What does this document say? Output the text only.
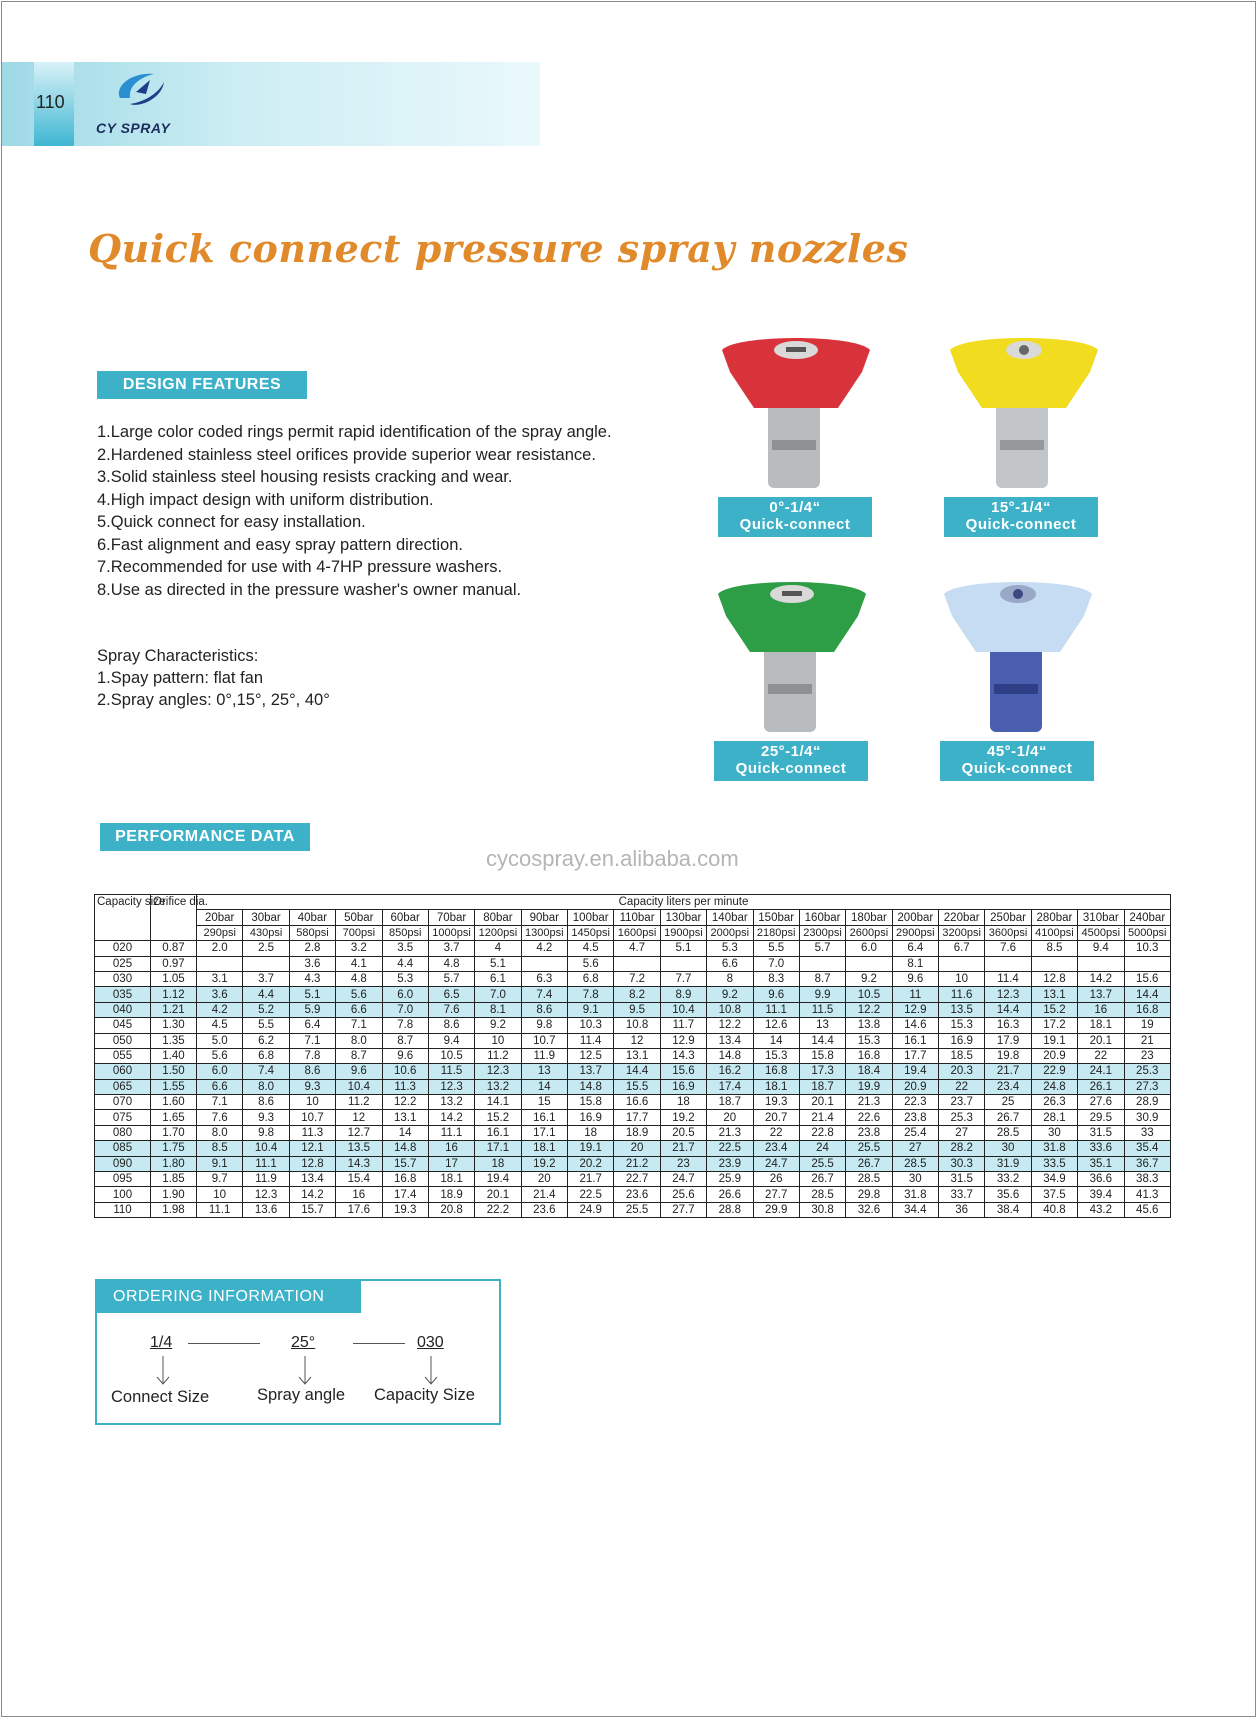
110
CY SPRAY
Quick connect pressure spray nozzles
DESIGN FEATURES
1.Large color coded rings permit rapid identification of the spray angle.
2.Hardened stainless steel orifices provide superior wear resistance.
3.Solid stainless steel housing resists cracking and wear.
4.High impact design with uniform distribution.
5.Quick connect for easy installation.
6.Fast alignment and easy spray pattern direction.
7.Recommended for use with 4-7HP pressure washers.
8.Use as directed in the pressure washer's owner manual.
Spray Characteristics:
1.Spay pattern: flat fan
2.Spray angles: 0°,15°, 25°, 40°
0°-1/4“
Quick-connect
15°-1/4“
Quick-connect
25°-1/4“
Quick-connect
45°-1/4“
Quick-connect
PERFORMANCE DATA
cycospray.en.alibaba.com
Capacity size	Orifice dia.	Capacity liters per minute																				
		20bar	30bar	40bar	50bar	60bar	70bar	80bar	90bar	100bar	110bar	130bar	140bar	150bar	160bar	180bar	200bar	220bar	250bar	280bar	310bar	240bar
		290psi	430psi	580psi	700psi	850psi	1000psi	1200psi	1300psi	1450psi	1600psi	1900psi	2000psi	2180psi	2300psi	2600psi	2900psi	3200psi	3600psi	4100psi	4500psi	5000psi
020	0.87	2.0	2.5	2.8	3.2	3.5	3.7	4	4.2	4.5	4.7	5.1	5.3	5.5	5.7	6.0	6.4	6.7	7.6	8.5	9.4	10.3
025	0.97			3.6	4.1	4.4	4.8	5.1		5.6			6.6	7.0			8.1					
030	1.05	3.1	3.7	4.3	4.8	5.3	5.7	6.1	6.3	6.8	7.2	7.7	8	8.3	8.7	9.2	9.6	10	11.4	12.8	14.2	15.6
035	1.12	3.6	4.4	5.1	5.6	6.0	6.5	7.0	7.4	7.8	8.2	8.9	9.2	9.6	9.9	10.5	11	11.6	12.3	13.1	13.7	14.4
040	1.21	4.2	5.2	5.9	6.6	7.0	7.6	8.1	8.6	9.1	9.5	10.4	10.8	11.1	11.5	12.2	12.9	13.5	14.4	15.2	16	16.8
045	1.30	4.5	5.5	6.4	7.1	7.8	8.6	9.2	9.8	10.3	10.8	11.7	12.2	12.6	13	13.8	14.6	15.3	16.3	17.2	18.1	19
050	1.35	5.0	6.2	7.1	8.0	8.7	9.4	10	10.7	11.4	12	12.9	13.4	14	14.4	15.3	16.1	16.9	17.9	19.1	20.1	21
055	1.40	5.6	6.8	7.8	8.7	9.6	10.5	11.2	11.9	12.5	13.1	14.3	14.8	15.3	15.8	16.8	17.7	18.5	19.8	20.9	22	23
060	1.50	6.0	7.4	8.6	9.6	10.6	11.5	12.3	13	13.7	14.4	15.6	16.2	16.8	17.3	18.4	19.4	20.3	21.7	22.9	24.1	25.3
065	1.55	6.6	8.0	9.3	10.4	11.3	12.3	13.2	14	14.8	15.5	16.9	17.4	18.1	18.7	19.9	20.9	22	23.4	24.8	26.1	27.3
070	1.60	7.1	8.6	10	11.2	12.2	13.2	14.1	15	15.8	16.6	18	18.7	19.3	20.1	21.3	22.3	23.7	25	26.3	27.6	28.9
075	1.65	7.6	9.3	10.7	12	13.1	14.2	15.2	16.1	16.9	17.7	19.2	20	20.7	21.4	22.6	23.8	25.3	26.7	28.1	29.5	30.9
080	1.70	8.0	9.8	11.3	12.7	14	11.1	16.1	17.1	18	18.9	20.5	21.3	22	22.8	23.8	25.4	27	28.5	30	31.5	33
085	1.75	8.5	10.4	12.1	13.5	14.8	16	17.1	18.1	19.1	20	21.7	22.5	23.4	24	25.5	27	28.2	30	31.8	33.6	35.4
090	1.80	9.1	11.1	12.8	14.3	15.7	17	18	19.2	20.2	21.2	23	23.9	24.7	25.5	26.7	28.5	30.3	31.9	33.5	35.1	36.7
095	1.85	9.7	11.9	13.4	15.4	16.8	18.1	19.4	20	21.7	22.7	24.7	25.9	26	26.7	28.5	30	31.5	33.2	34.9	36.6	38.3
100	1.90	10	12.3	14.2	16	17.4	18.9	20.1	21.4	22.5	23.6	25.6	26.6	27.7	28.5	29.8	31.8	33.7	35.6	37.5	39.4	41.3
110	1.98	11.1	13.6	15.7	17.6	19.3	20.8	22.2	23.6	24.9	25.5	27.7	28.8	29.9	30.8	32.6	34.4	36	38.4	40.8	43.2	45.6
ORDERING INFORMATION
1/4	25°	030
Connect Size	Spray angle Capacity Size
